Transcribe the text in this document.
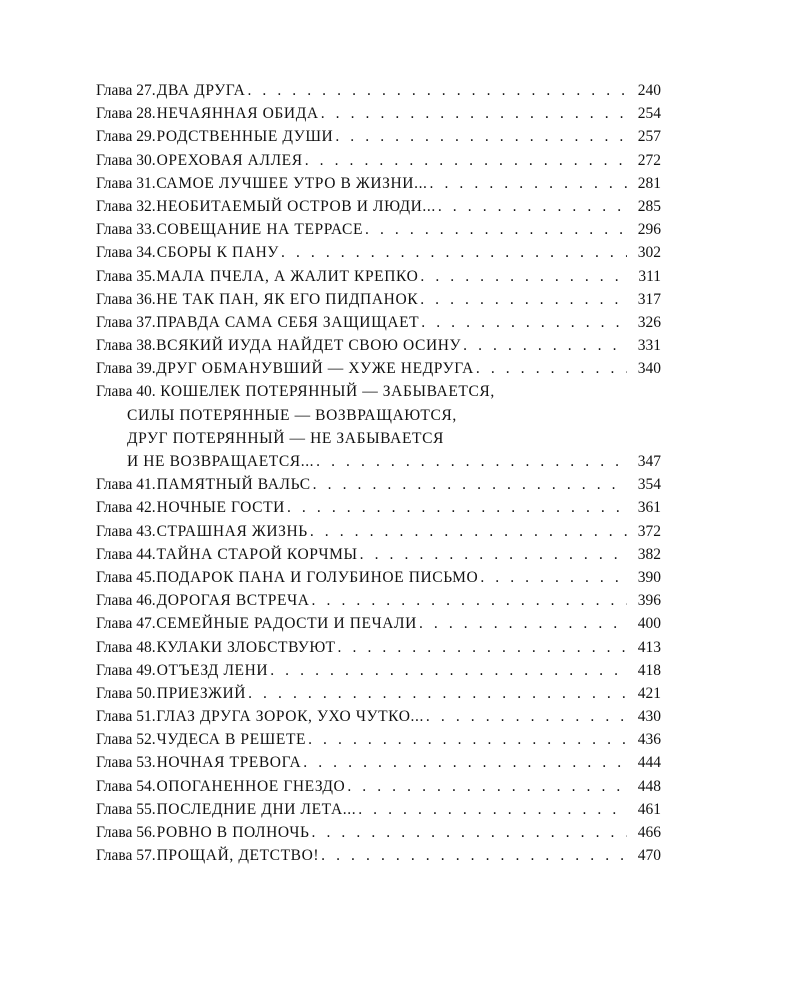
Глава 27. ДВА ДРУГА . . .	240
Глава 28. НЕЧАЯННАЯ ОБИДА . . .	254
Глава 29. РОДСТВЕННЫЕ ДУШИ . . .	257
Глава 30. ОРЕХОВАЯ АЛЛЕЯ . . .	272
Глава 31. САМОЕ ЛУЧШЕЕ УТРО В ЖИЗНИ... . . .	281
Глава 32. НЕОБИТАЕМЫЙ ОСТРОВ И ЛЮДИ... . . .	285
Глава 33. СОВЕЩАНИЕ НА ТЕРРАСЕ . . .	296
Глава 34. СБОРЫ К ПАНУ . . .	302
Глава 35. МАЛА ПЧЕЛА, А ЖАЛИТ КРЕПКО . . .	311
Глава 36. НЕ ТАК ПАН, ЯК ЕГО ПИДПАНОК . . .	317
Глава 37. ПРАВДА САМА СЕБЯ ЗАЩИЩАЕТ . . .	326
Глава 38. ВСЯКИЙ ИУДА НАЙДЕТ СВОЮ ОСИНУ . . .	331
Глава 39. ДРУГ ОБМАНУВШИЙ — ХУЖЕ НЕДРУГА . . .	340
Глава 40. КОШЕЛЕК ПОТЕРЯННЫЙ — ЗАБЫВАЕТСЯ,
СИЛЫ ПОТЕРЯННЫЕ — ВОЗВРАЩАЮТСЯ,
ДРУГ ПОТЕРЯННЫЙ — НЕ ЗАБЫВАЕТСЯ
И НЕ ВОЗВРАЩАЕТСЯ... . . .	347
Глава 41. ПАМЯТНЫЙ ВАЛЬС . . .	354
Глава 42. НОЧНЫЕ ГОСТИ . . .	361
Глава 43. СТРАШНАЯ ЖИЗНЬ . . .	372
Глава 44. ТАЙНА СТАРОЙ КОРЧМЫ . . .	382
Глава 45. ПОДАРОК ПАНА И ГОЛУБИНОЕ ПИСЬМО . . .	390
Глава 46. ДОРОГАЯ ВСТРЕЧА . . .	396
Глава 47. СЕМЕЙНЫЕ РАДОСТИ И ПЕЧАЛИ . . .	400
Глава 48. КУЛАКИ ЗЛОБСТВУЮТ . . .	413
Глава 49. ОТЪЕЗД ЛЕНИ . . .	418
Глава 50. ПРИЕЗЖИЙ . . .	421
Глава 51. ГЛАЗ ДРУГА ЗОРОК, УХО ЧУТКО... . . .	430
Глава 52. ЧУДЕСА В РЕШЕТЕ . . .	436
Глава 53. НОЧНАЯ ТРЕВОГА . . .	444
Глава 54. ОПОГАНЕННОЕ ГНЕЗДО . . .	448
Глава 55. ПОСЛЕДНИЕ ДНИ ЛЕТА... . . .	461
Глава 56. РОВНО В ПОЛНОЧЬ . . .	466
Глава 57. ПРОЩАЙ, ДЕТСТВО! . . .	470
